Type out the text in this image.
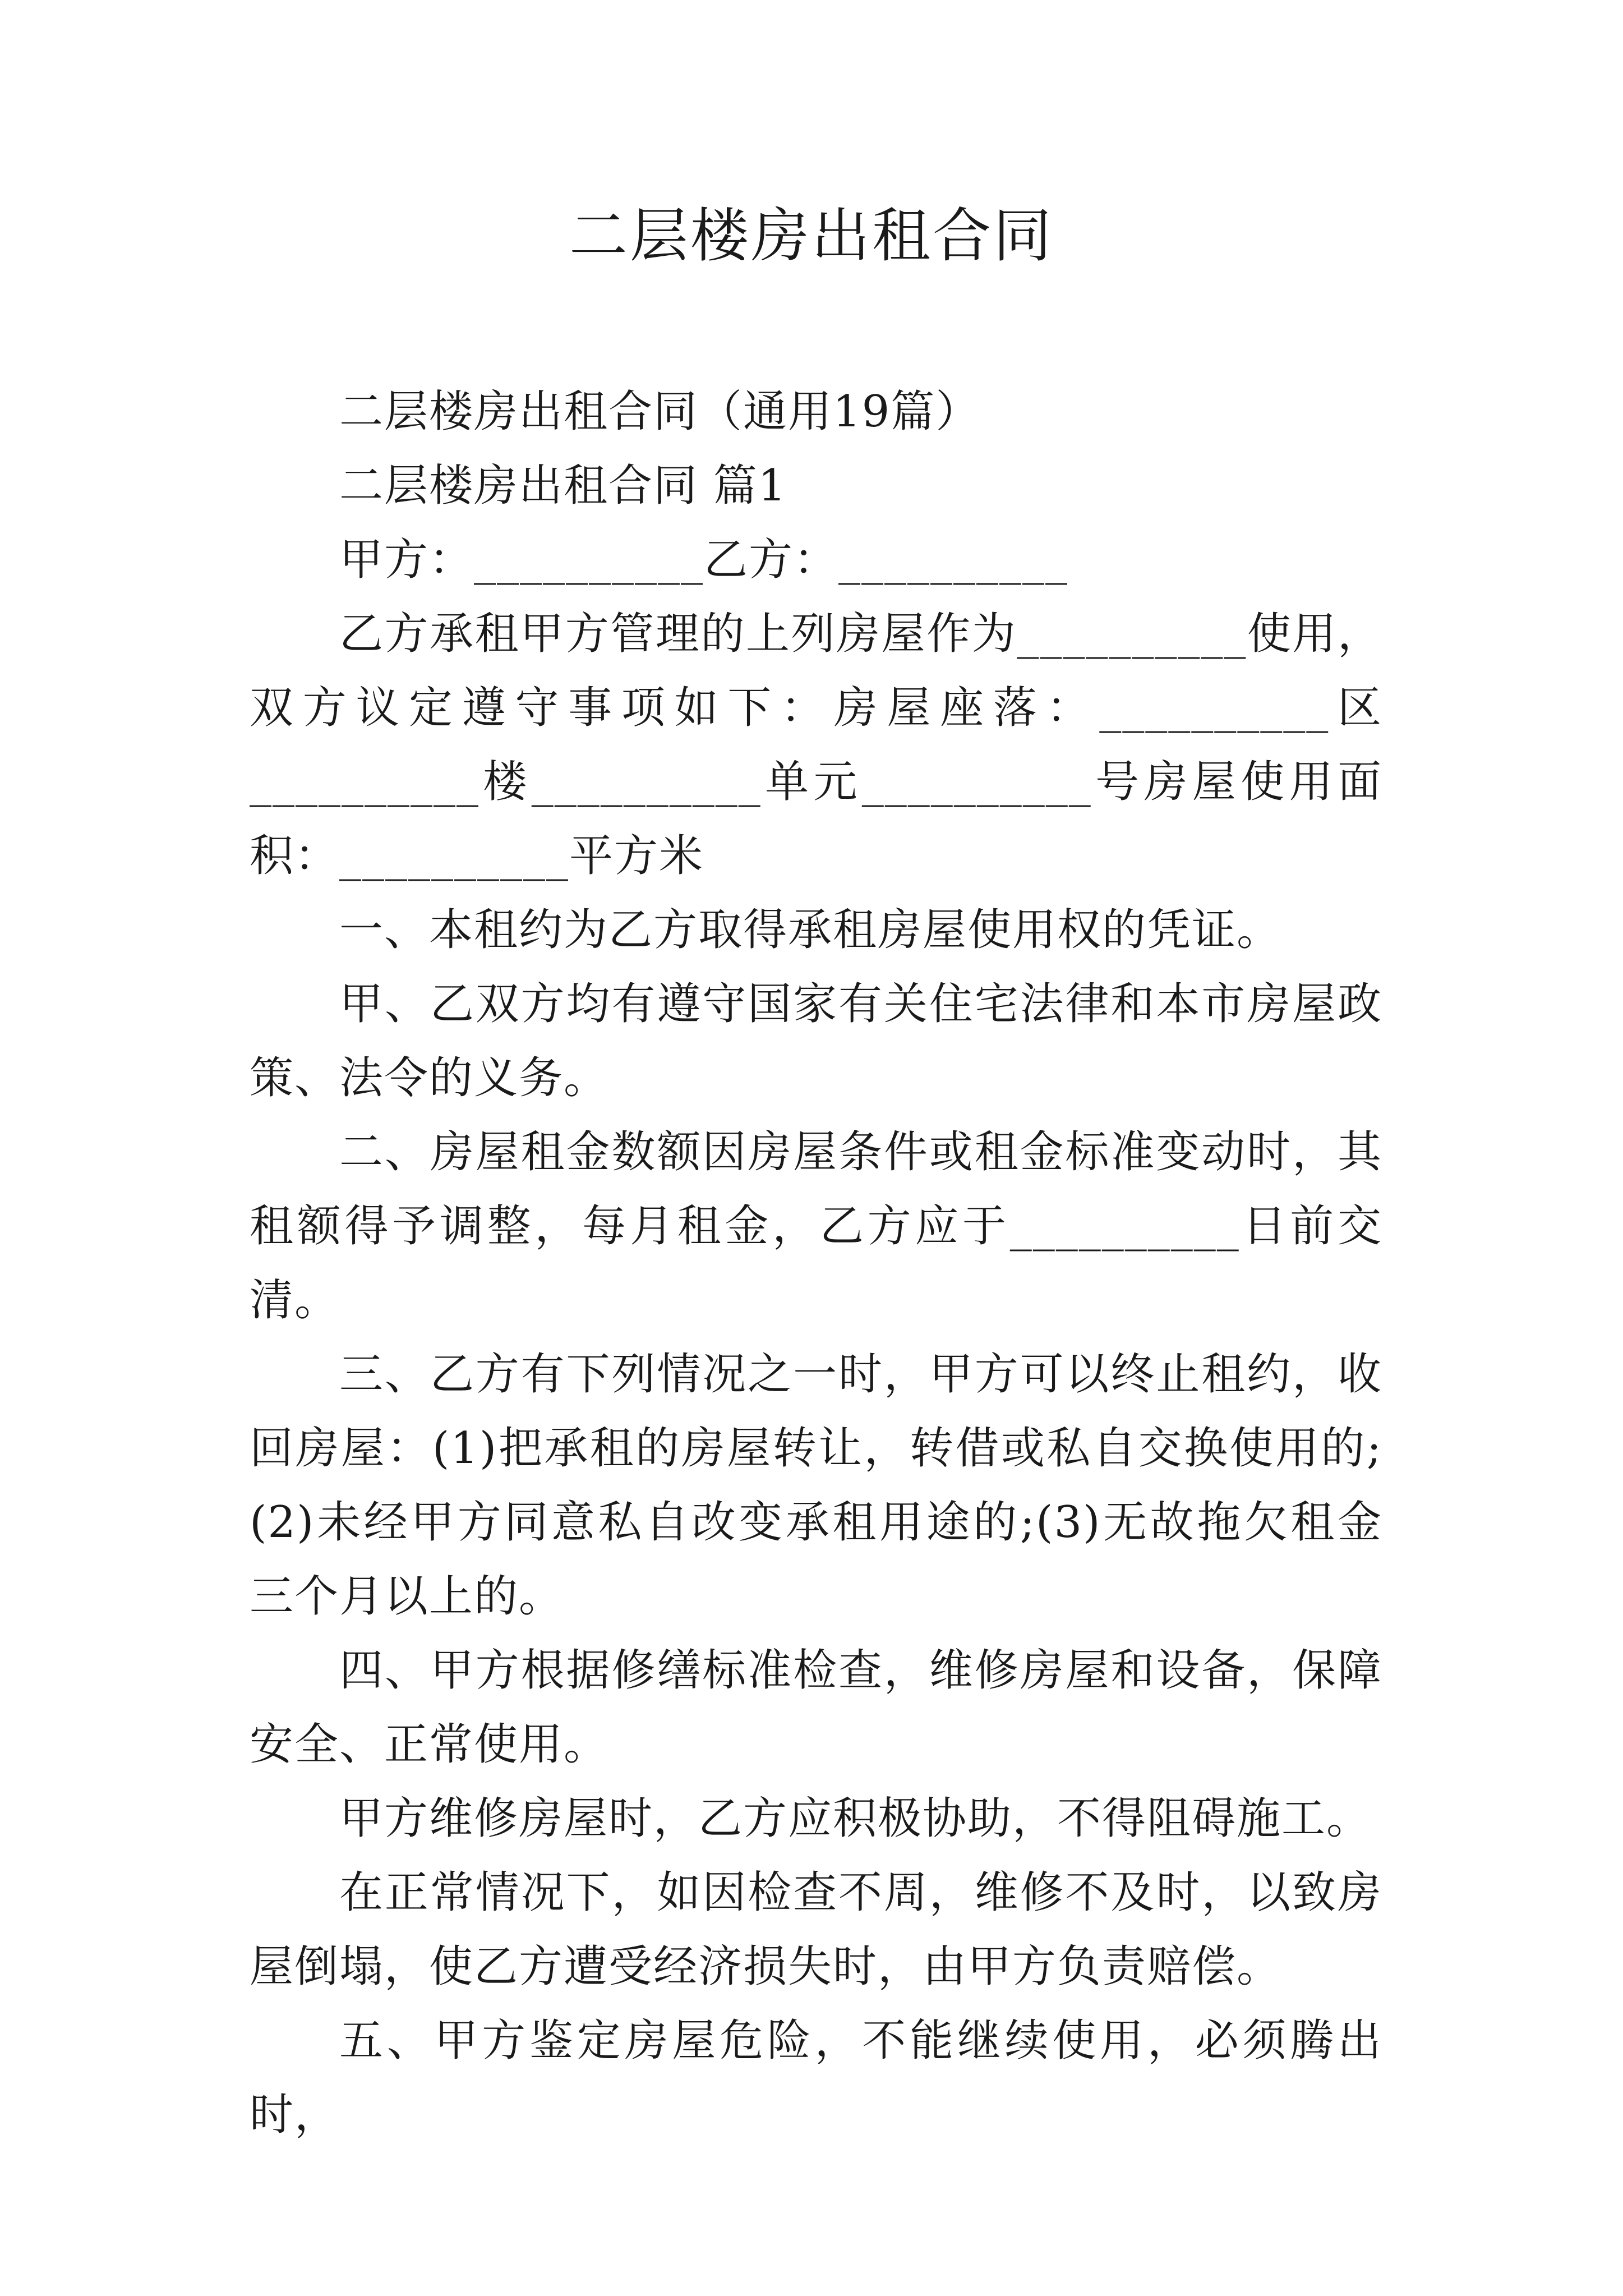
二层楼房出租合同

二层楼房出租合同（通用19篇）

二层楼房出租合同 篇1

甲方：__________乙方：__________

乙方承租甲方管理的上列房屋作为__________使用，双方议定遵守事项如下：房屋座落：__________区__________楼__________单元__________号房屋使用面积：__________平方米

一、本租约为乙方取得承租房屋使用权的凭证。

甲、乙双方均有遵守国家有关住宅法律和本市房屋政策、法令的义务。

二、房屋租金数额因房屋条件或租金标准变动时，其租额得予调整，每月租金，乙方应于__________日前交清。

三、乙方有下列情况之一时，甲方可以终止租约，收回房屋：(1)把承租的房屋转让，转借或私自交换使用的;(2)未经甲方同意私自改变承租用途的;(3)无故拖欠租金三个月以上的。

四、甲方根据修缮标准检查，维修房屋和设备，保障安全、正常使用。

甲方维修房屋时，乙方应积极协助，不得阻碍施工。

在正常情况下，如因检查不周，维修不及时，以致房屋倒塌，使乙方遭受经济损失时，由甲方负责赔偿。

五、甲方鉴定房屋危险，不能继续使用，必须腾出时，
